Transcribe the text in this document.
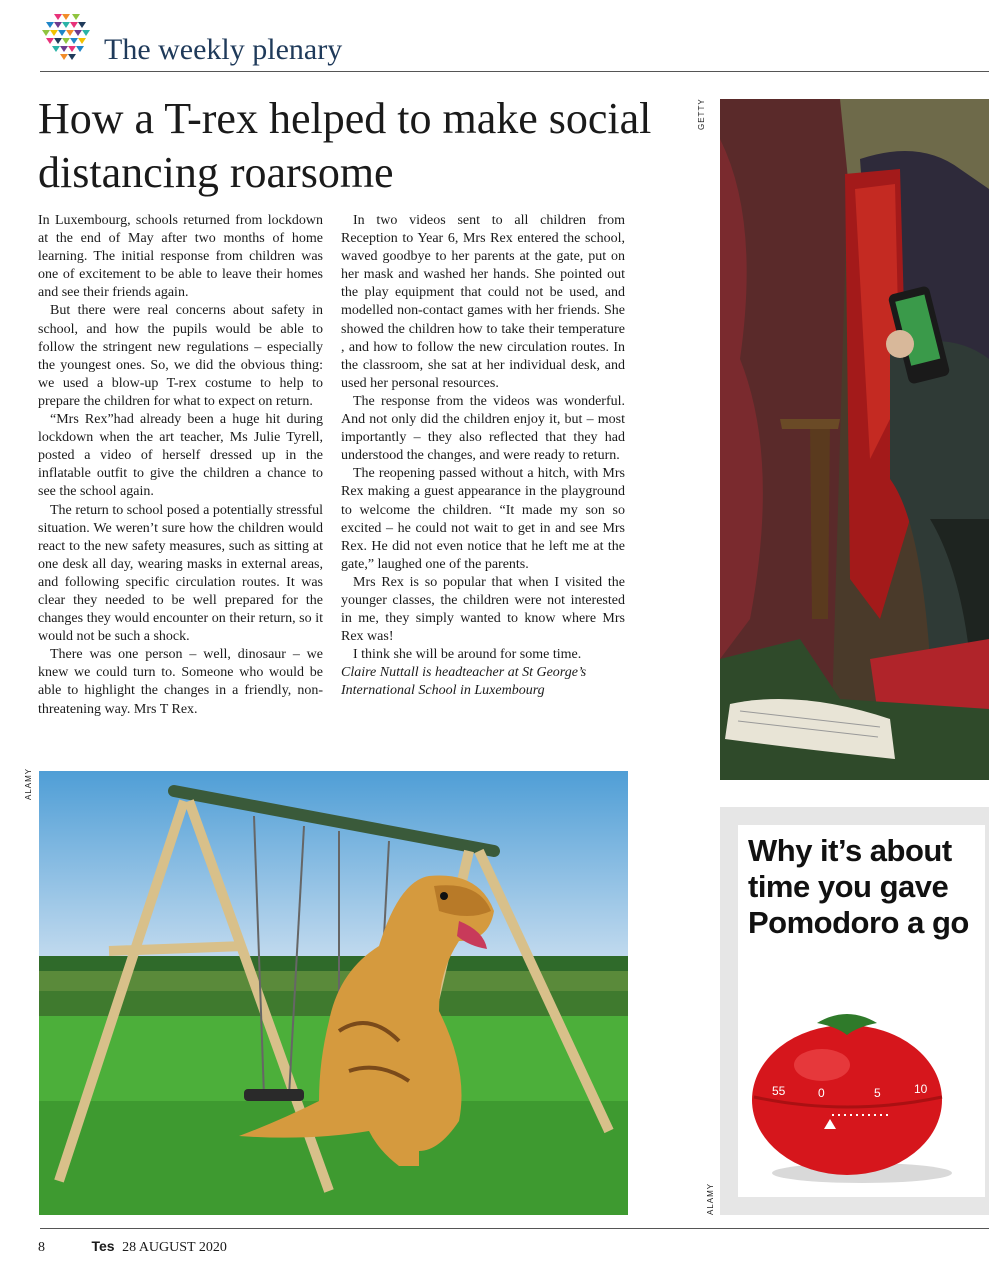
The weekly plenary
How a T-rex helped to make social distancing roarsome

In Luxembourg, schools returned from lockdown at the end of May after two months of home learning. The initial response from children was one of excitement to be able to leave their homes and see their friends again.

But there were real concerns about safety in school, and how the pupils would be able to follow the stringent new regulations – especially the youngest ones. So, we did the obvious thing: we used a blow-up T-rex costume to help to prepare the children for what to expect on return.

“Mrs Rex”had already been a huge hit during lockdown when the art teacher, Ms Julie Tyrell, posted a video of herself dressed up in the inflatable outfit to give the children a chance to see the school again.

The return to school posed a potentially stressful situation. We weren’t sure how the children would react to the new safety measures, such as sitting at one desk all day, wearing masks in external areas, and following specific circulation routes. It was clear they needed to be well prepared for the changes they would encounter on their return, so it would not be such a shock.

There was one person – well, dinosaur – we knew we could turn to. Someone who would be able to highlight the changes in a friendly, non-threatening way. Mrs T Rex.

In two videos sent to all children from Reception to Year 6, Mrs Rex entered the school, waved goodbye to her parents at the gate, put on her mask and washed her hands. She pointed out the play equipment that could not be used, and modelled non-contact games with her friends. She showed the children how to take their temperature , and how to follow the new circulation routes. In the classroom, she sat at her individual desk, and used her personal resources.

The response from the videos was wonderful. And not only did the children enjoy it, but – most importantly – they also reflected that they had understood the changes, and were ready to return.

The reopening passed without a hitch, with Mrs Rex making a guest appearance in the playground to welcome the children. “It made my son so excited – he could not wait to get in and see Mrs Rex. He did not even notice that he left me at the gate,” laughed one of the parents.

Mrs Rex is so popular that when I visited the younger classes, the children were not interested in me, they simply wanted to know where Mrs Rex was!

I think she will be around for some time.

Claire Nuttall is headteacher at St George’s International School in Luxembourg

GETTY
ALAMY
Why it’s about time you gave Pomodoro a go
55	0	5	10
ALAMY
8	Tes 28 AUGUST 2020
